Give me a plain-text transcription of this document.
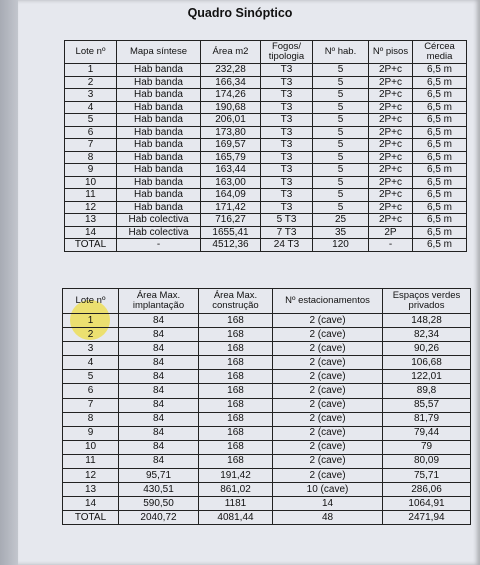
Quadro Sinóptico
Lote nº	Mapa síntese	Área m2	Fogos/ tipologia	Nº hab.	Nº pisos	Cércea media
1	Hab banda	232,28	T3	5	2P+c	6,5 m
2	Hab banda	166,34	T3	5	2P+c	6,5 m
3	Hab banda	174,26	T3	5	2P+c	6,5 m
4	Hab banda	190,68	T3	5	2P+c	6,5 m
5	Hab banda	206,01	T3	5	2P+c	6,5 m
6	Hab banda	173,80	T3	5	2P+c	6,5 m
7	Hab banda	169,57	T3	5	2P+c	6,5 m
8	Hab banda	165,79	T3	5	2P+c	6,5 m
9	Hab banda	163,44	T3	5	2P+c	6,5 m
10	Hab banda	163,00	T3	5	2P+c	6,5 m
11	Hab banda	164,09	T3	5	2P+c	6,5 m
12	Hab banda	171,42	T3	5	2P+c	6,5 m
13	Hab colectiva	716,27	5 T3	25	2P+c	6,5 m
14	Hab colectiva	1655,41	7 T3	35	2P	6,5 m
TOTAL	-	4512,36	24 T3	120	-	6,5 m
Lote nº	Área Max. implantação	Área Max. construção	Nº estacionamentos	Espaços verdes privados
1	84	168	2 (cave)	148,28
2	84	168	2 (cave)	82,34
3	84	168	2 (cave)	90,26
4	84	168	2 (cave)	106,68
5	84	168	2 (cave)	122,01
6	84	168	2 (cave)	89,8
7	84	168	2 (cave)	85,57
8	84	168	2 (cave)	81,79
9	84	168	2 (cave)	79,44
10	84	168	2 (cave)	79
11	84	168	2 (cave)	80,09
12	95,71	191,42	2 (cave)	75,71
13	430,51	861,02	10 (cave)	286,06
14	590,50	1181	14	1064,91
TOTAL	2040,72	4081,44	48	2471,94
